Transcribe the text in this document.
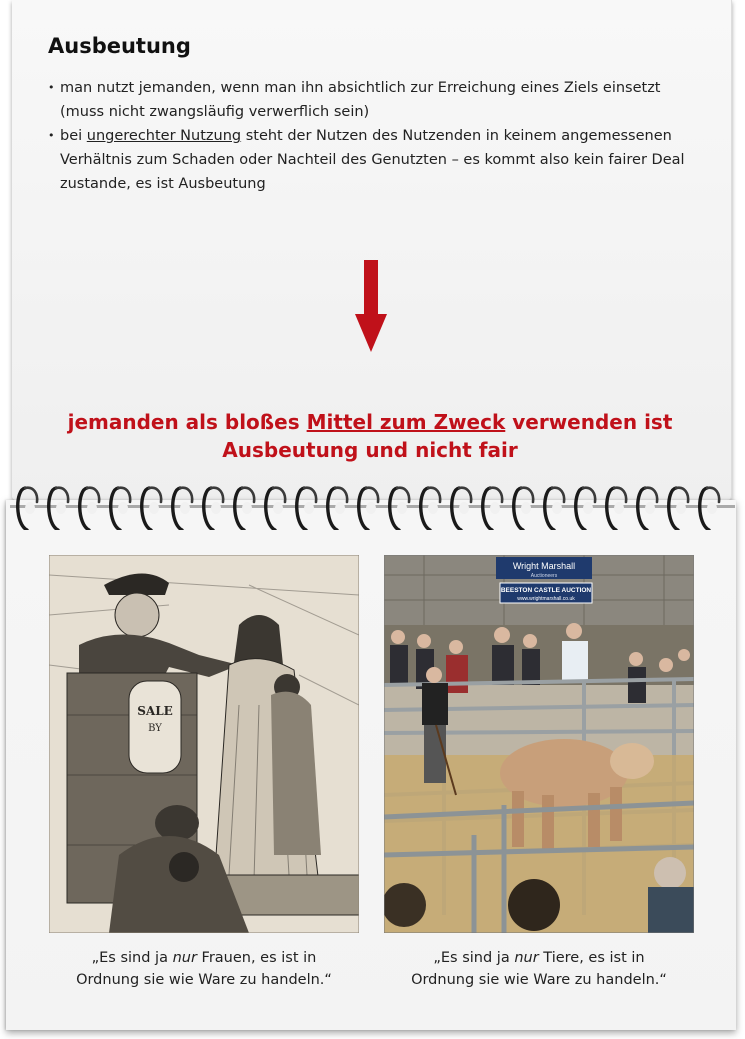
Ausbeutung
• man nutzt jemanden, wenn man ihn absichtlich zur Erreichung eines Ziels einsetzt (muss nicht zwangsläufig verwerflich sein)
• bei ungerechter Nutzung steht der Nutzen des Nutzenden in keinem angemessenen Verhältnis zum Schaden oder Nachteil des Genutzten – es kommt also kein fairer Deal zustande, es ist Ausbeutung

jemanden als bloßes Mittel zum Zweck verwenden ist
Ausbeutung und nicht fair

SALE
BY
Wright Marshall
Auctioneers
BEESTON CASTLE AUCTION
www.wrightmarshall.co.uk

„Es sind ja nur Frauen, es ist in
Ordnung sie wie Ware zu handeln.“

„Es sind ja nur Tiere, es ist in
Ordnung sie wie Ware zu handeln.“
